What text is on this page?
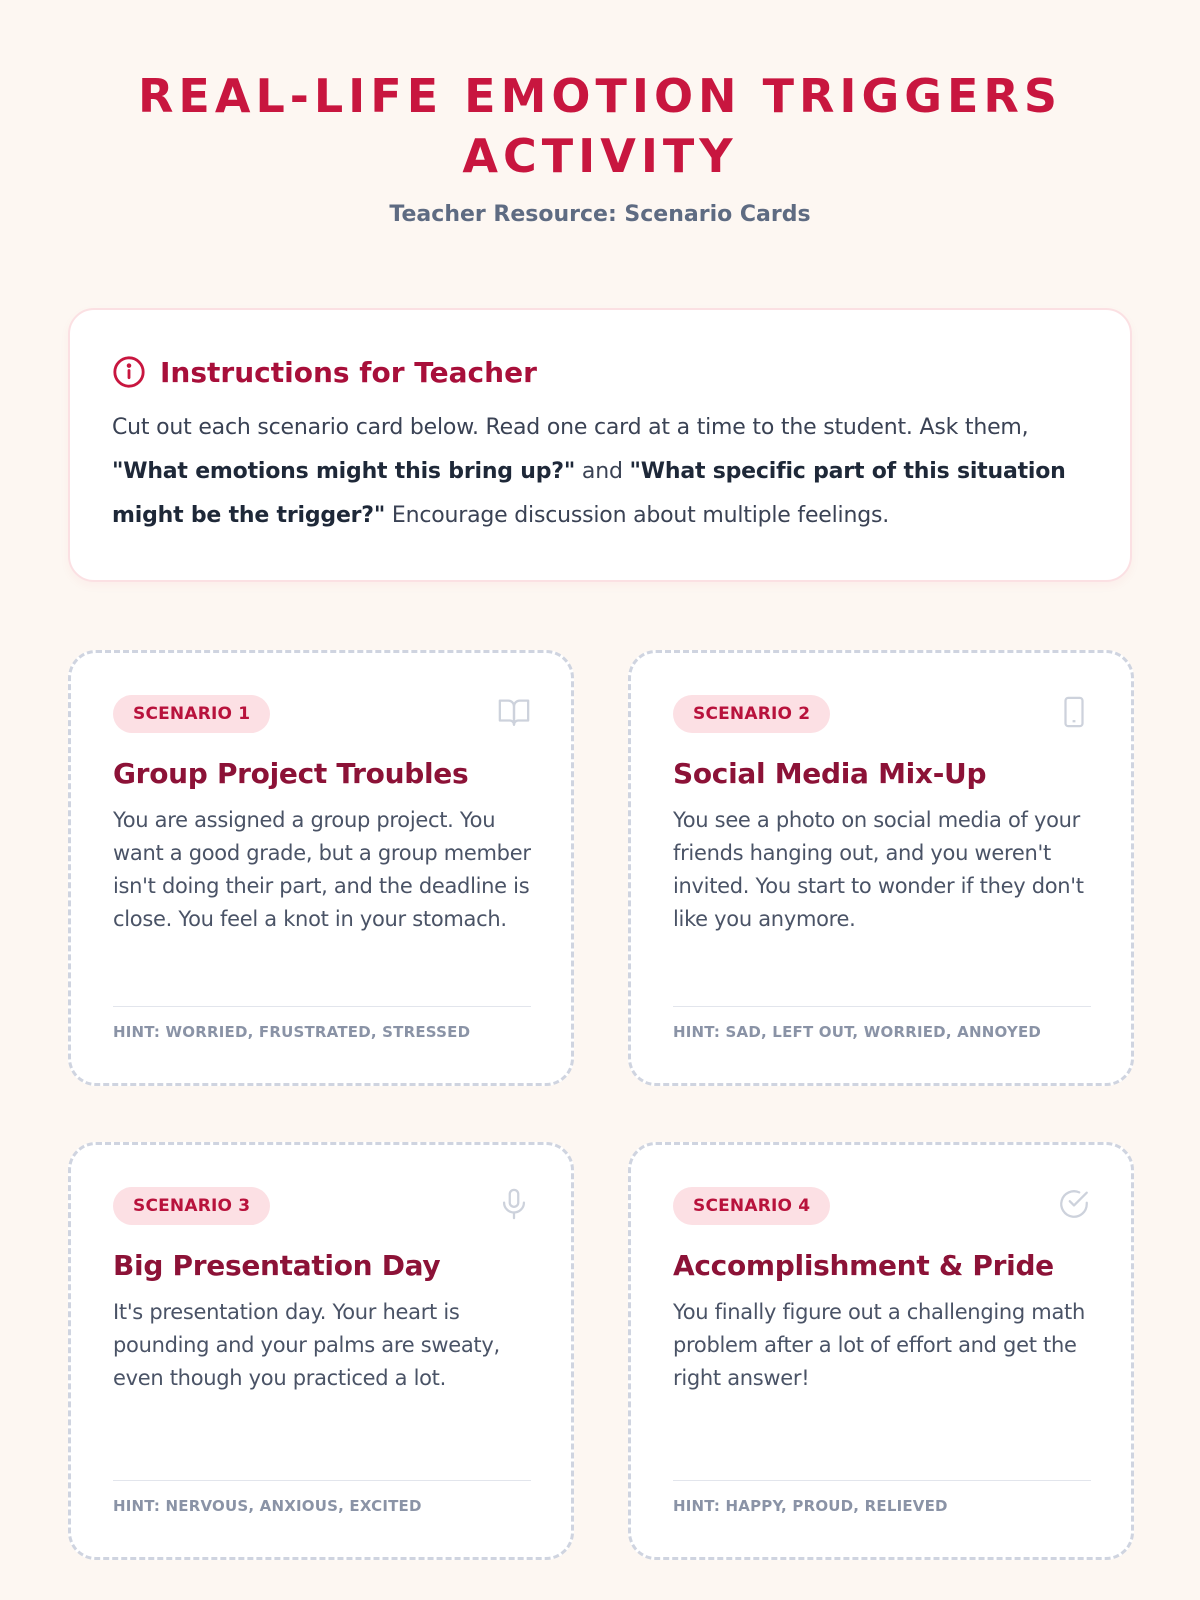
REAL-LIFE EMOTION TRIGGERS
ACTIVITY
Teacher Resource: Scenario Cards
Instructions for Teacher

Cut out each scenario card below. Read one card at a time to the student. Ask them, "What emotions might this bring up?" and "What specific part of this situation might be the trigger?" Encourage discussion about multiple feelings.

SCENARIO 1
Group Project Troubles

You are assigned a group project. You want a good grade, but a group member isn't doing their part, and the deadline is close. You feel a knot in your stomach.

HINT: WORRIED, FRUSTRATED, STRESSED
SCENARIO 2
Social Media Mix-Up

You see a photo on social media of your friends hanging out, and you weren't invited. You start to wonder if they don't like you anymore.

HINT: SAD, LEFT OUT, WORRIED, ANNOYED
SCENARIO 3
Big Presentation Day

It's presentation day. Your heart is pounding and your palms are sweaty, even though you practiced a lot.

HINT: NERVOUS, ANXIOUS, EXCITED
SCENARIO 4
Accomplishment & Pride

You finally figure out a challenging math problem after a lot of effort and get the right answer!

HINT: HAPPY, PROUD, RELIEVED
